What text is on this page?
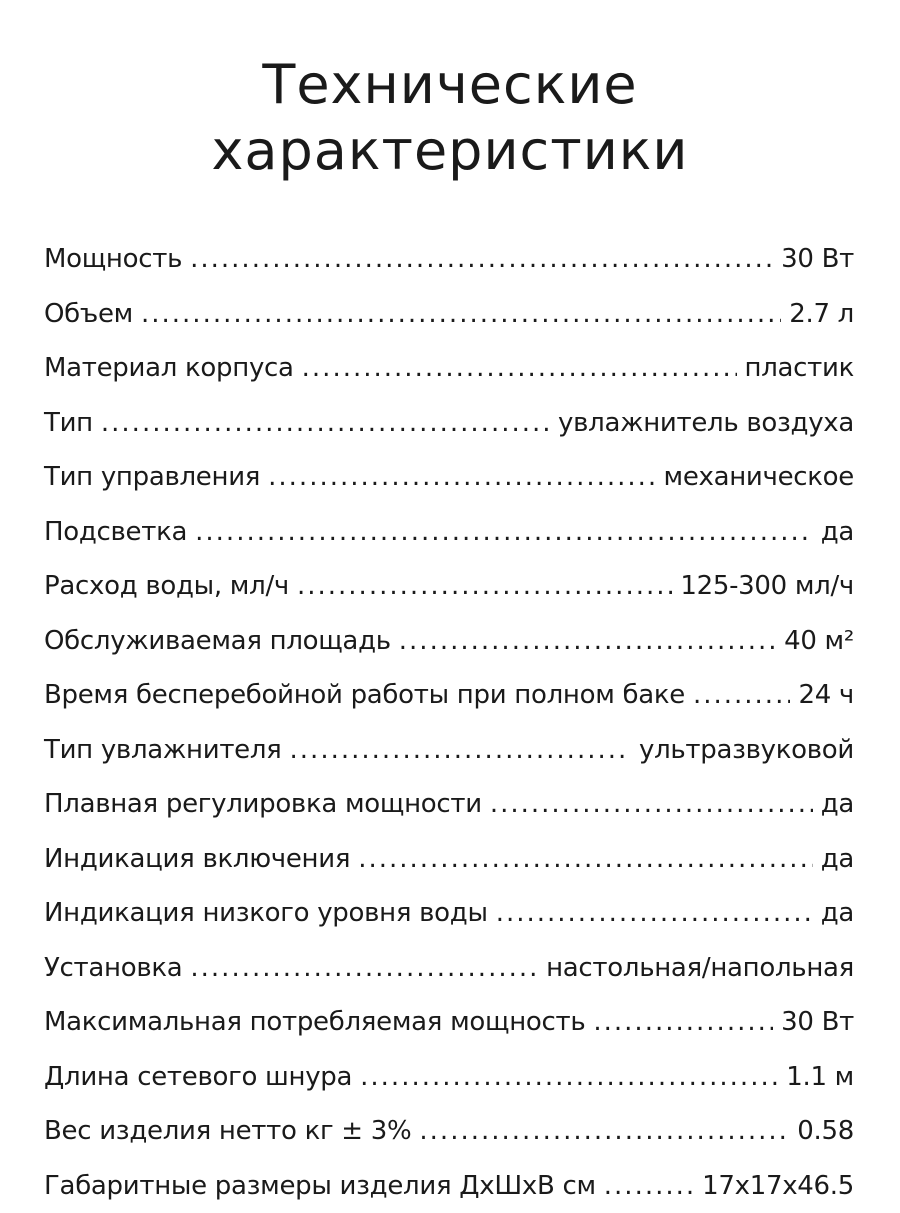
Технические
характеристики
Мощность .....	30 Вт
Объем .....	2.7 л
Материал корпуса .....	пластик
Тип .....	увлажнитель воздуха
Тип управления .....	механическое
Подсветка .....	да
Расход воды, мл/ч .....	125-300 мл/ч
Обслуживаемая площадь .....	40 м²
Время бесперебойной работы при полном баке .....	24 ч
Тип увлажнителя .....	ультразвуковой
Плавная регулировка мощности .....	да
Индикация включения .....	да
Индикация низкого уровня воды .....	да
Установка .....	настольная/напольная
Максимальная потребляемая мощность .....	30 Вт
Длина сетевого шнура .....	1.1 м
Вес изделия нетто кг ± 3% .....	0.58
Габаритные размеры изделия ДхШхВ см .....	17x17x46.5
